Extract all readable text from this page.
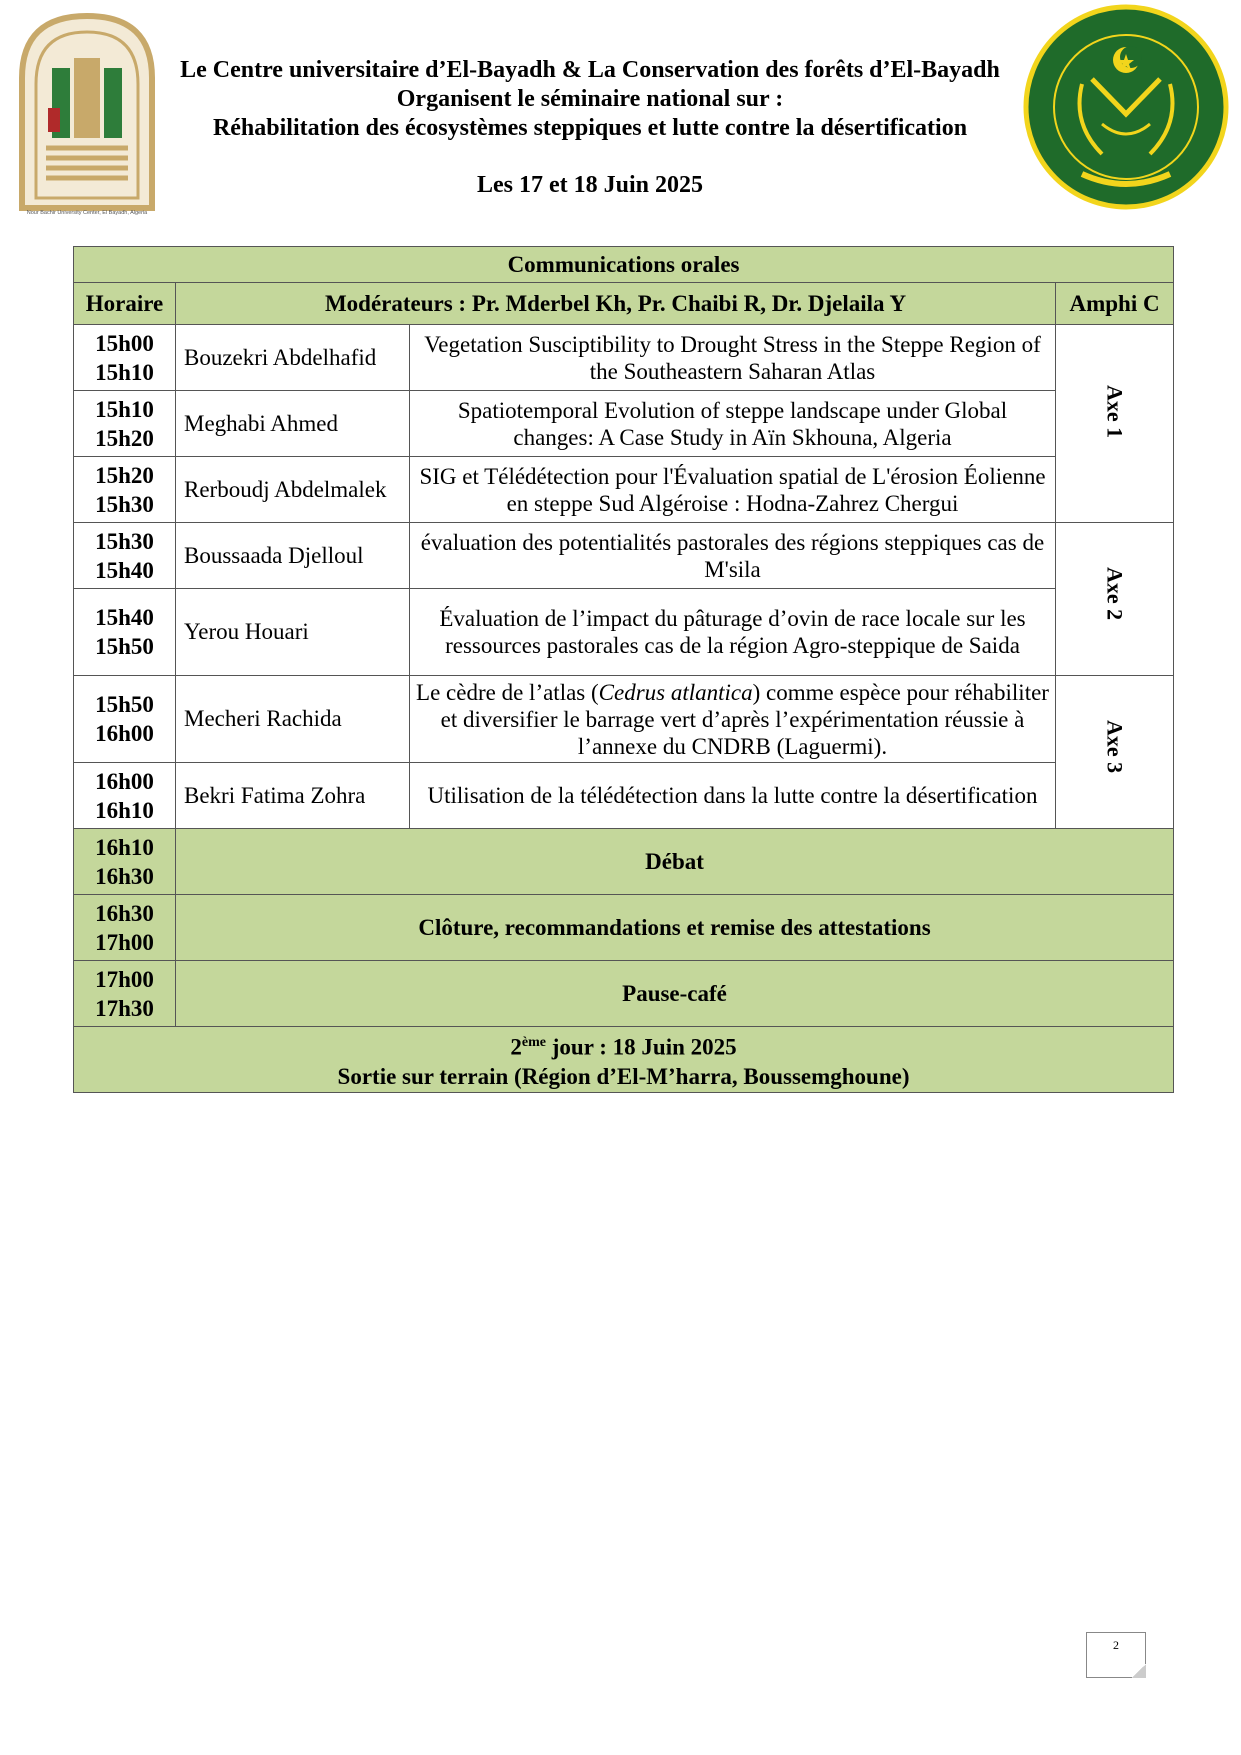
Nour Bachir University Center, El Bayadh, Algeria
Le Centre universitaire d’El-Bayadh & La Conservation des forêts d’El-Bayadh
Organisent le séminaire national sur :
Réhabilitation des écosystèmes steppiques et lutte contre la désertification
Les 17 et 18 Juin 2025
Communications orales			
Horaire	Modérateurs : Pr. Mderbel Kh, Pr. Chaibi R, Dr. Djelaila Y		Amphi C

15h00
15h10	Bouzekri Abdelhafid	Vegetation Susciptibility to Drought Stress in the Steppe Region of the Southeastern Saharan Atlas	Axe 1

15h10
15h20	Meghabi Ahmed	Spatiotemporal Evolution of steppe landscape under Global changes: A Case Study in Aïn Skhouna, Algeria	

15h20
15h30	Rerboudj Abdelmalek	SIG et Télédétection pour l'Évaluation spatial de L'érosion Éolienne en steppe Sud Algéroise : Hodna-Zahrez Chergui	

15h30
15h40	Boussaada Djelloul	évaluation des potentialités pastorales des régions steppiques cas de M'sila	Axe 2

15h40
15h50	Yerou Houari	Évaluation de l’impact du pâturage d’ovin de race locale sur les ressources pastorales cas de la région Agro-steppique de Saida	

15h50
16h00	Mecheri Rachida	Le cèdre de l’atlas (Cedrus atlantica) comme espèce pour réhabiliter et diversifier le barrage vert d’après l’expérimentation réussie à l’annexe du CNDRB (Laguermi).	Axe 3

16h00
16h10	Bekri Fatima Zohra	Utilisation de la télédétection dans la lutte contre la désertification	

16h10
16h30	Débat		

16h30
17h00	Clôture, recommandations et remise des attestations		

17h00
17h30	Pause-café		

2ème jour : 18 Juin 2025
Sortie sur terrain (Région d’El-M’harra, Boussemghoune)			
2
